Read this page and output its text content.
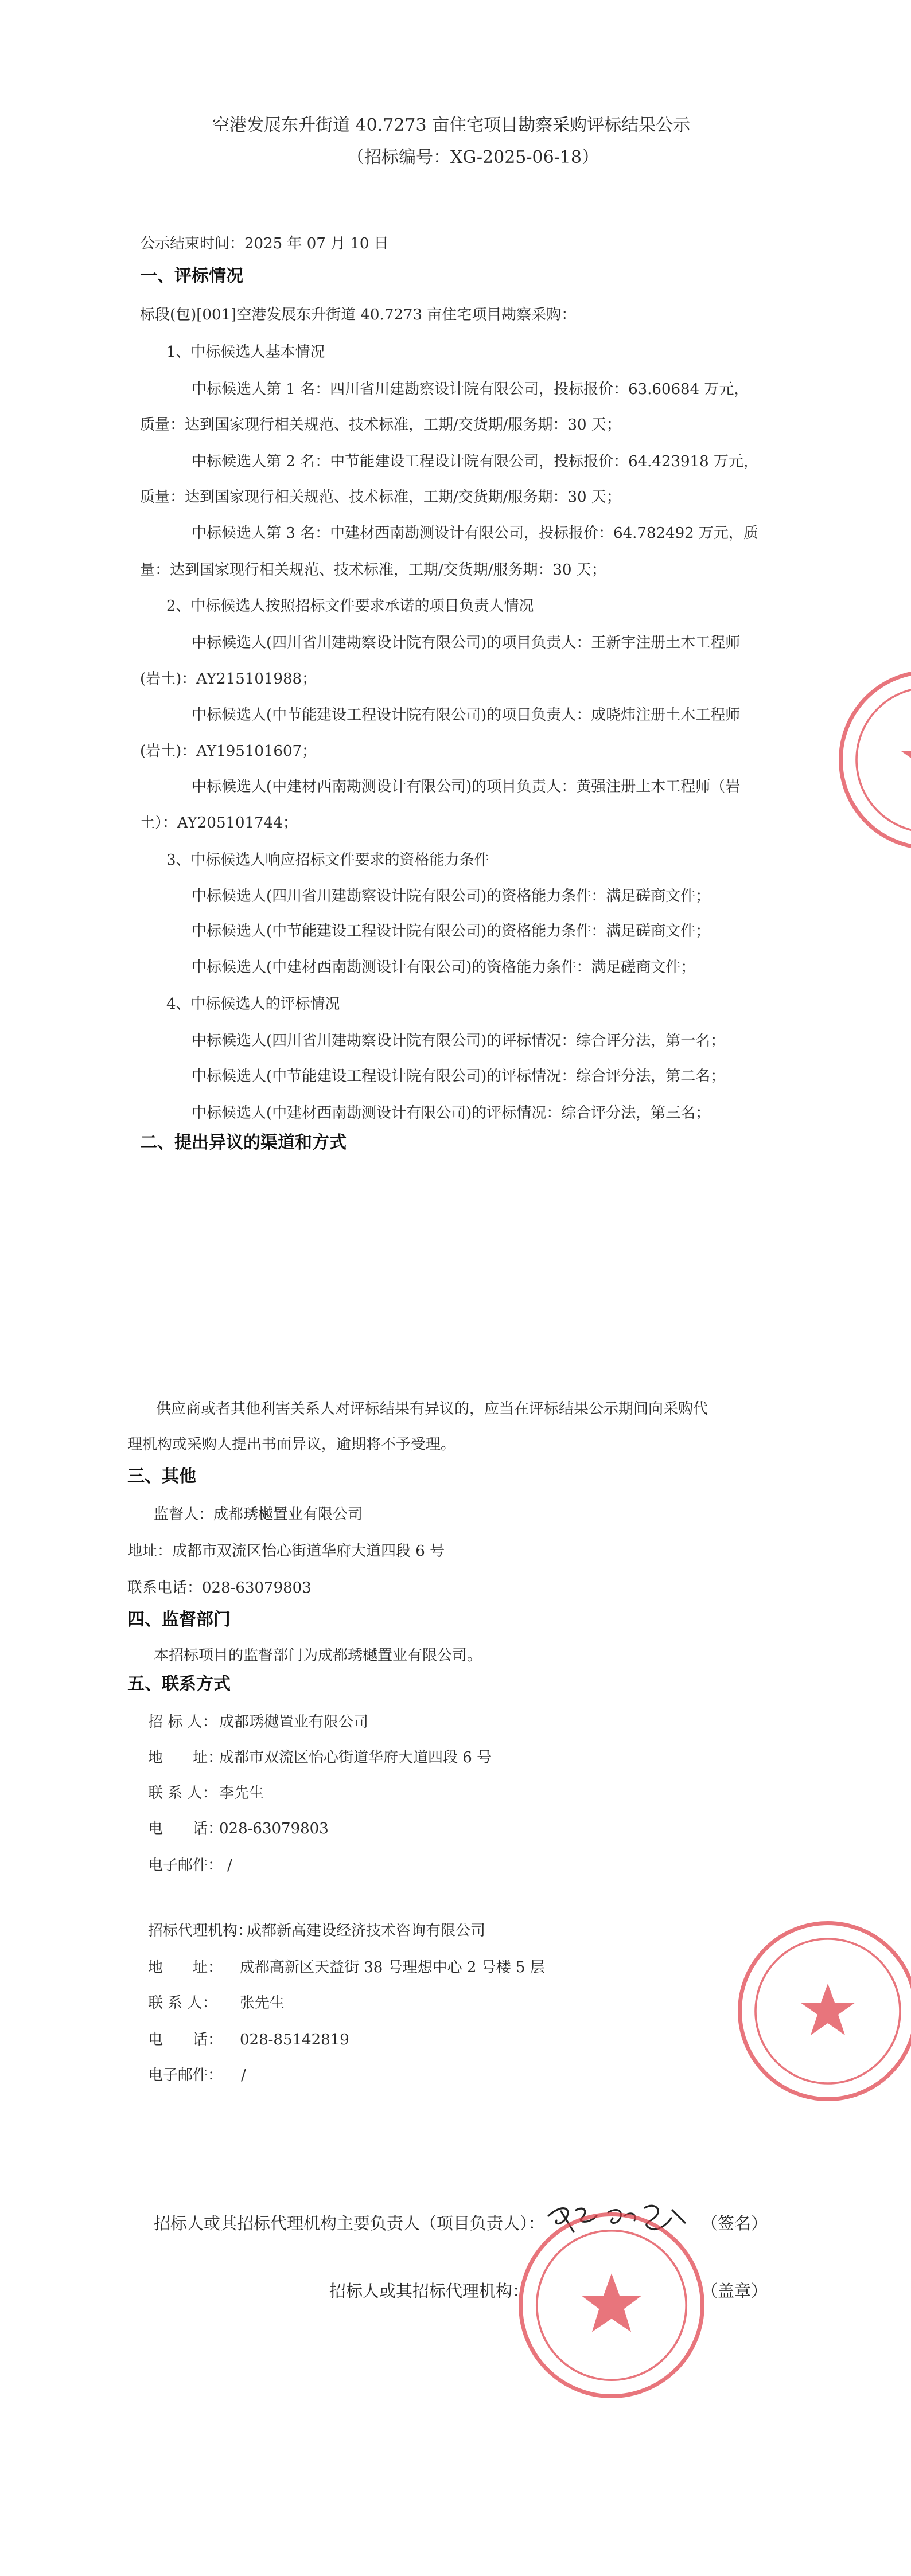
空港发展东升街道 40.7273 亩住宅项目勘察采购评标结果公示
（招标编号：XG-2025-06-18）
公示结束时间：2025 年 07 月 10 日
一、评标情况
标段(包)[001]空港发展东升街道 40.7273 亩住宅项目勘察采购：
1、中标候选人基本情况
中标候选人第 1 名：四川省川建勘察设计院有限公司，投标报价：63.60684 万元，
质量：达到国家现行相关规范、技术标准，工期/交货期/服务期：30 天；
中标候选人第 2 名：中节能建设工程设计院有限公司，投标报价：64.423918 万元，
质量：达到国家现行相关规范、技术标准，工期/交货期/服务期：30 天；
中标候选人第 3 名：中建材西南勘测设计有限公司，投标报价：64.782492 万元，质
量：达到国家现行相关规范、技术标准，工期/交货期/服务期：30 天；
2、中标候选人按照招标文件要求承诺的项目负责人情况
中标候选人(四川省川建勘察设计院有限公司)的项目负责人：王新宇注册土木工程师
(岩土)：AY215101988；
中标候选人(中节能建设工程设计院有限公司)的项目负责人：成晓炜注册土木工程师
(岩土)：AY195101607；
中标候选人(中建材西南勘测设计有限公司)的项目负责人：黄强注册土木工程师（岩
土）：AY205101744；
3、中标候选人响应招标文件要求的资格能力条件
中标候选人(四川省川建勘察设计院有限公司)的资格能力条件：满足磋商文件；
中标候选人(中节能建设工程设计院有限公司)的资格能力条件：满足磋商文件；
中标候选人(中建材西南勘测设计有限公司)的资格能力条件：满足磋商文件；
4、中标候选人的评标情况
中标候选人(四川省川建勘察设计院有限公司)的评标情况：综合评分法，第一名；
中标候选人(中节能建设工程设计院有限公司)的评标情况：综合评分法，第二名；
中标候选人(中建材西南勘测设计有限公司)的评标情况：综合评分法，第三名；
二、提出异议的渠道和方式
供应商或者其他利害关系人对评标结果有异议的，应当在评标结果公示期间向采购代
理机构或采购人提出书面异议，逾期将不予受理。
三、其他
监督人：成都琇樾置业有限公司
地址：成都市双流区怡心街道华府大道四段 6 号
联系电话：028-63079803
四、监督部门
本招标项目的监督部门为成都琇樾置业有限公司。
五、联系方式
招 标 人： 成都琇樾置业有限公司
地　　址：
成都市双流区怡心街道华府大道四段 6 号
联 系 人： 李先生
电　　话：
028-63079803
电子邮件： /
招标代理机构：
成都新高建设经济技术咨询有限公司
地　　址： 成都高新区天益街 38 号理想中心 2 号楼 5 层
联 系 人： 张先生
电　　话： 028-85142819
电子邮件： /
招标人或其招标代理机构主要负责人（项目负责人）：	（签名）
招标人或其招标代理机构：	（盖章）
